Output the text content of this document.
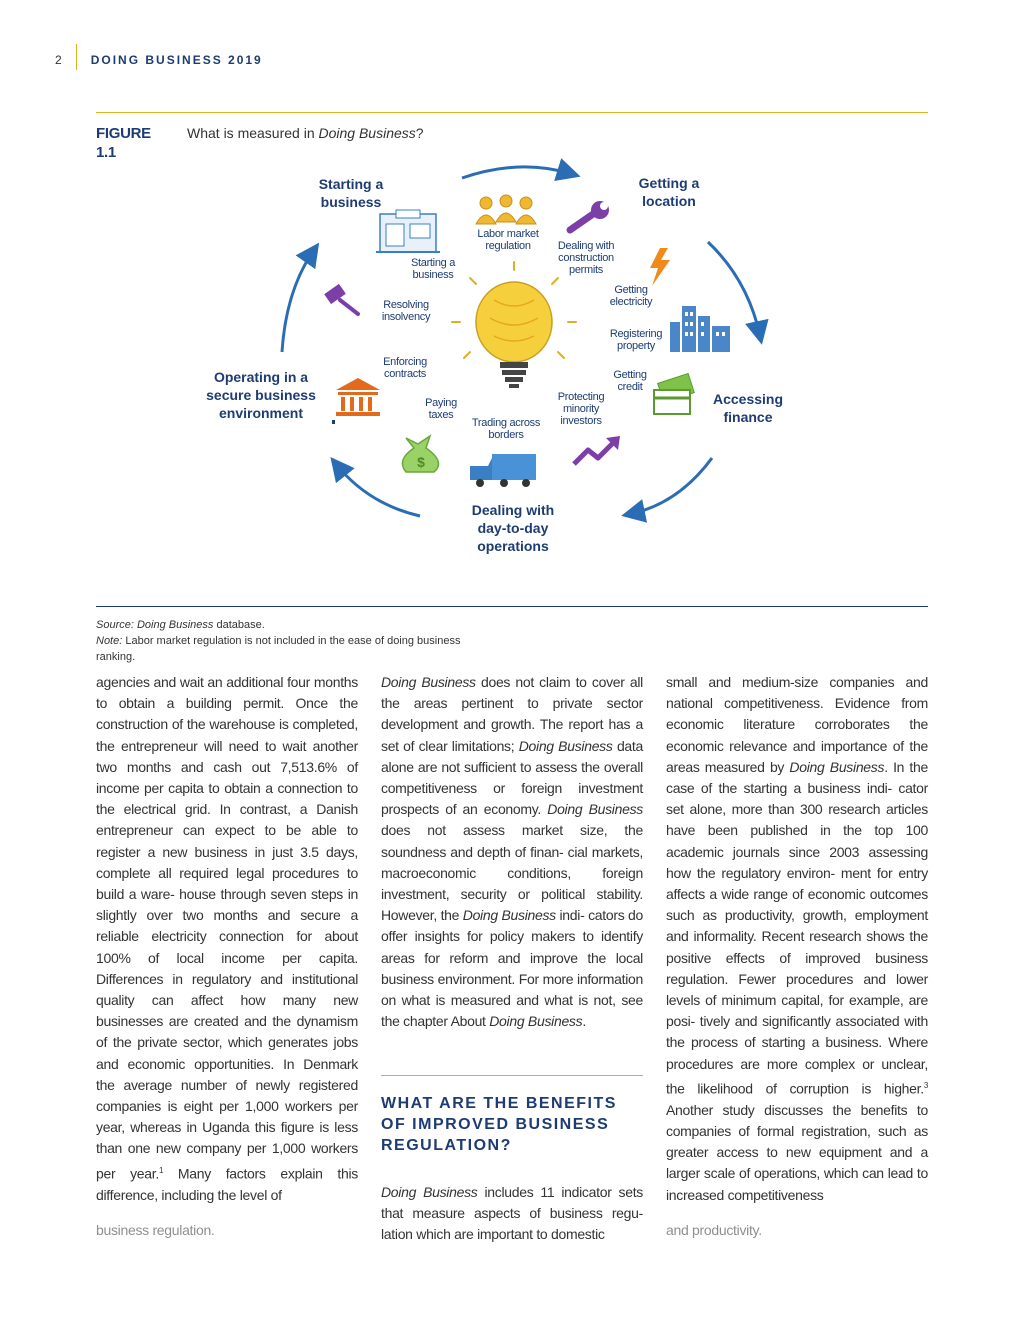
2 DOING BUSINESS 2019
FIGURE 1.1
What is measured in Doing Business?
$
Starting a business
Getting a location
Accessing finance
Dealing with day-to-day operations
Operating in a secure business environment
Labor market regulation	Dealing with construction permits
Starting a business
Getting electricity
Resolving insolvency
Registering property
Enforcing contracts	Getting credit
Paying taxes
Protecting minority investors
Trading across borders
Source: Doing Business database.
Note: Labor market regulation is not included in the ease of doing business ranking.

agencies and wait an additional four months to obtain a building permit. Once the construction of the warehouse is completed, the entrepreneur will need to wait another two months and cash out 7,513.6% of income per capita to obtain a connection to the electrical grid. In contrast, a Danish entrepreneur can expect to be able to register a new business in just 3.5 days, complete all required legal procedures to build a ware- house through seven steps in slightly over two months and secure a reliable electricity connection for about 100% of local income per capita. Differences in regulatory and institutional quality can affect how many new businesses are created and the dynamism of the private sector, which generates jobs and economic opportunities. In Denmark the average number of newly registered companies is eight per 1,000 workers per year, whereas in Uganda this figure is less than one new company per 1,000 workers per year.$^1$ Many factors explain this difference, including the level of

business regulation.

Doing Business does not claim to cover all the areas pertinent to private sector development and growth. The report has a set of clear limitations; Doing Business data alone are not sufficient to assess the overall competitiveness or foreign investment prospects of an economy. Doing Business does not assess market size, the soundness and depth of finan- cial markets, macroeconomic conditions, foreign investment, security or political stability. However, the Doing Business indi- cators do offer insights for policy makers to identify areas for reform and improve the local business environment. For more information on what is measured and what is not, see the chapter About Doing Business.

WHAT ARE THE BENEFITS OF IMPROVED BUSINESS REGULATION?

Doing Business includes 11 indicator sets that measure aspects of business regu- lation which are important to domestic

small and medium-size companies and national competitiveness. Evidence from economic literature corroborates the economic relevance and importance of the areas measured by Doing Business. In the case of the starting a business indi- cator set alone, more than 300 research articles have been published in the top 100 academic journals since 2003 assessing how the regulatory environ- ment for entry affects a wide range of economic outcomes such as productivity, growth, employment and informality. Recent research shows the positive effects of improved business regulation. Fewer procedures and lower levels of minimum capital, for example, are posi- tively and significantly associated with the process of starting a business. Where procedures are more complex or unclear, the likelihood of corruption is higher.$^3$ Another study discusses the benefits to companies of formal registration, such as greater access to new equipment and a larger scale of operations, which can lead to increased competitiveness

and productivity.
